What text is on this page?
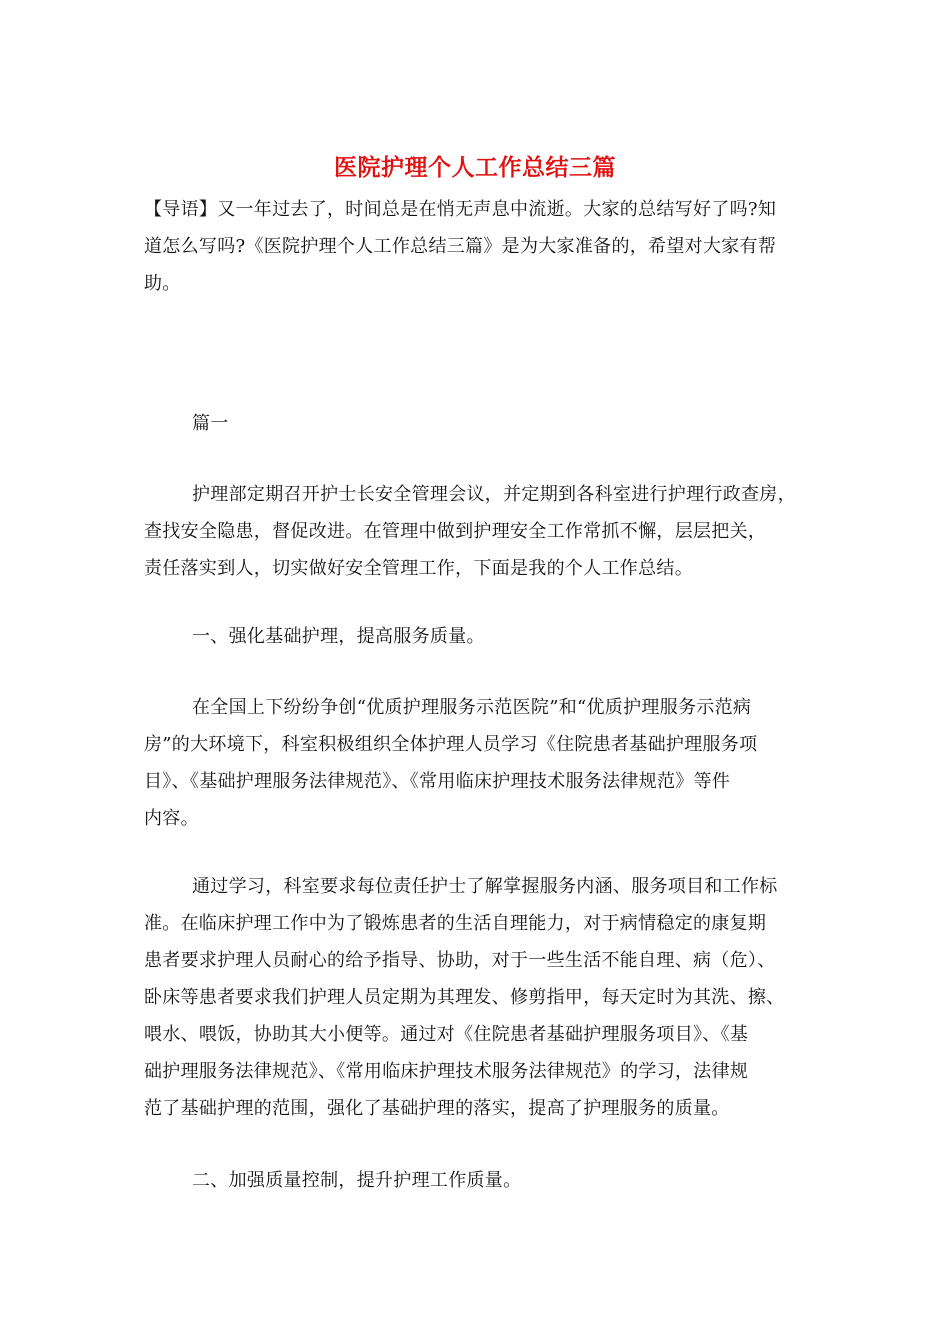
医院护理个人工作总结三篇

【导语】又一年过去了，时间总是在悄无声息中流逝。大家的总结写好了吗?知
道怎么写吗?《医院护理个人工作总结三篇》是为大家准备的，希望对大家有帮
助。

篇一

护理部定期召开护士长安全管理会议，并定期到各科室进行护理行政查房，
查找安全隐患，督促改进。在管理中做到护理安全工作常抓不懈，层层把关，
责任落实到人，切实做好安全管理工作，下面是我的个人工作总结。

一、强化基础护理，提高服务质量。

在全国上下纷纷争创“优质护理服务示范医院”和“优质护理服务示范病
房”的大环境下，科室积极组织全体护理人员学习《住院患者基础护理服务项
目》、《基础护理服务法律规范》、《常用临床护理技术服务法律规范》等件
内容。

通过学习，科室要求每位责任护士了解掌握服务内涵、服务项目和工作标
准。在临床护理工作中为了锻炼患者的生活自理能力，对于病情稳定的康复期
患者要求护理人员耐心的给予指导、协助，对于一些生活不能自理、病（危）、
卧床等患者要求我们护理人员定期为其理发、修剪指甲，每天定时为其洗、擦、
喂水、喂饭，协助其大小便等。通过对《住院患者基础护理服务项目》、《基
础护理服务法律规范》、《常用临床护理技术服务法律规范》的学习，法律规
范了基础护理的范围，强化了基础护理的落实，提高了护理服务的质量。

二、加强质量控制，提升护理工作质量。
